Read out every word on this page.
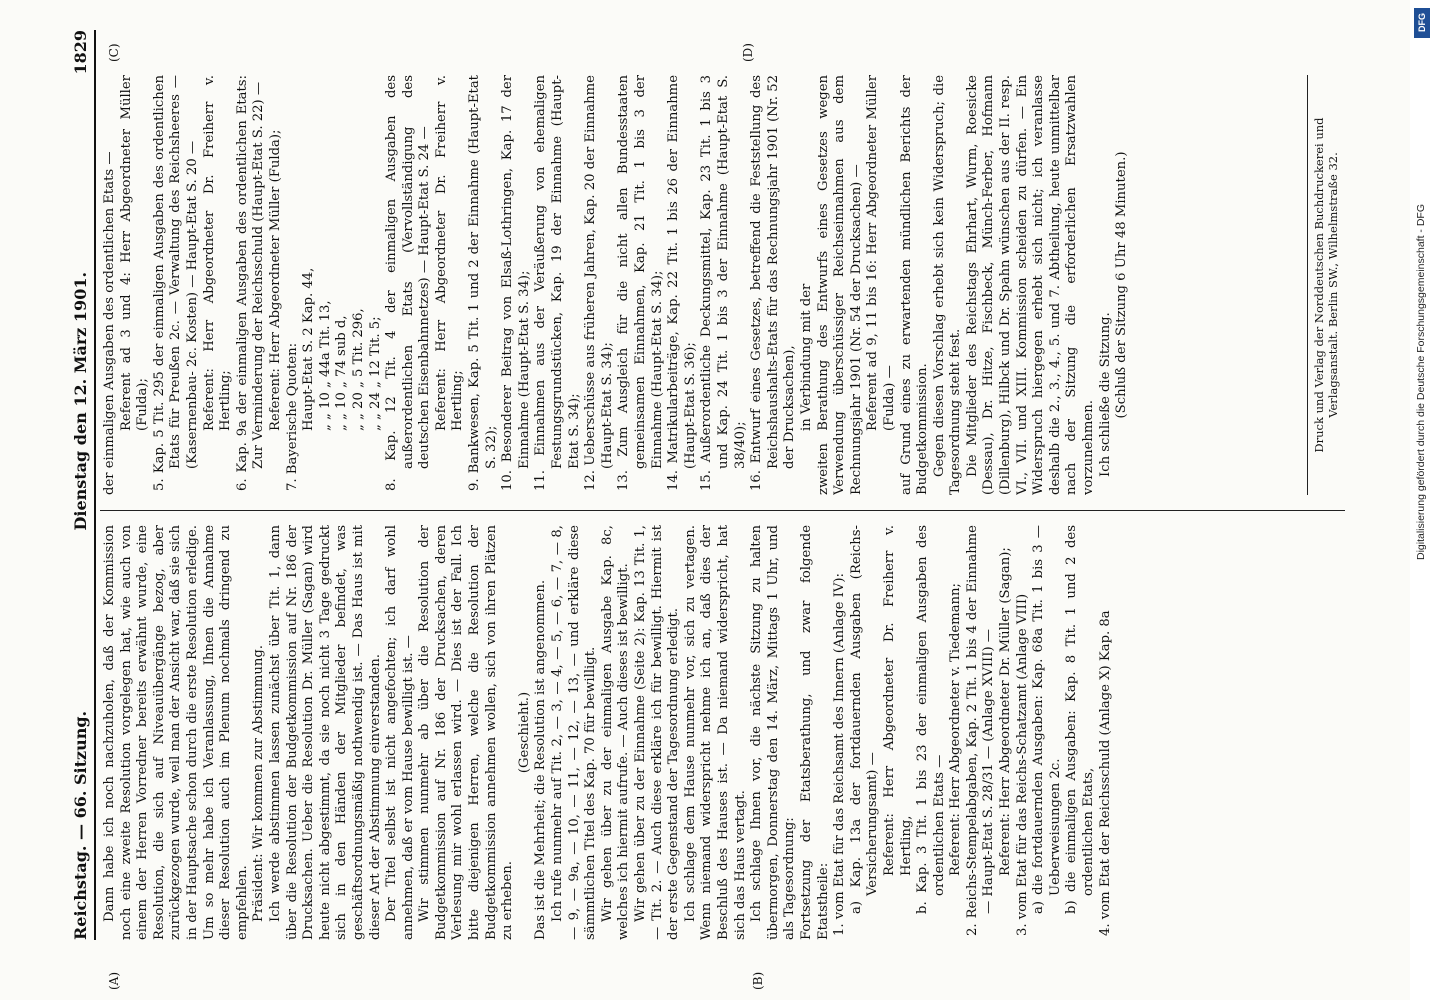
Reichstag. — 66. Sitzung.
Dienstag den 12. März 1901.
1829
(A)	(B)
(C)	(D)

Dann habe ich noch nachzuholen, daß der Kommission noch eine zweite Resolution vorgelegen hat, wie auch von einem der Herren Vorredner bereits erwähnt wurde, eine Resolution, die sich auf Niveauübergänge bezog, aber zurückgezogen wurde, weil man der Ansicht war, daß sie sich in der Hauptsache schon durch die erste Resolution erledige. Um so mehr habe ich Veranlassung, Ihnen die Annahme dieser Resolution auch im Plenum nochmals dringend zu empfehlen. Präsident: Wir kommen zur Abstimmung. Ich werde abstimmen lassen zunächst über Tit. 1, dann über die Resolution der Budgetkommission auf Nr. 186 der Drucksachen. Ueber die Resolution Dr. Müller (Sagan) wird heute nicht abgestimmt, da sie noch nicht 3 Tage gedruckt sich in den Händen der Mitglieder befindet, was geschäftsordnungsmäßig nothwendig ist. — Das Haus ist mit dieser Art der Abstimmung einverstanden. Der Titel selbst ist nicht angefochten; ich darf wohl annehmen, daß er vom Hause bewilligt ist. — Wir stimmen nunmehr ab über die Resolution der Budgetkommission auf Nr. 186 der Drucksachen, deren Verlesung mir wohl erlassen wird. — Dies ist der Fall. Ich bitte diejenigen Herren, welche die Resolution der Budgetkommission annehmen wollen, sich von ihren Plätzen zu erheben.

(Geschieht.) Das ist die Mehrheit; die Resolution ist angenommen. Ich rufe nunmehr auf Tit. 2, — 3, — 4, — 5, — 6, — 7, — 8, — 9, — 9a, — 10, — 11, — 12, — 13, — und erkläre diese sämmtlichen Titel des Kap. 70 für bewilligt. Wir gehen über zu der einmaligen Ausgabe Kap. 8c, welches ich hiermit aufrufe. — Auch dieses ist bewilligt. Wir gehen über zu der Einnahme (Seite 2): Kap. 13 Tit. 1, — Tit. 2. — Auch diese erkläre ich für bewilligt. Hiermit ist der erste Gegenstand der Tagesordnung erledigt. Ich schlage dem Hause nunmehr vor, sich zu vertagen. Wenn niemand widerspricht nehme ich an, daß dies der Beschluß des Hauses ist. — Da niemand widerspricht, hat sich das Haus vertagt. Ich schlage Ihnen vor, die nächste Sitzung zu halten übermorgen, Donnerstag den 14. März, Mittags 1 Uhr, und als Tagesordnung: Fortsetzung der Etatsberathung, und zwar folgende Etatstheile: 1. vom Etat für das Reichsamt des Innern (Anlage IV): a) Kap. 13a der fortdauernden Ausgaben (Reichs-Versicherungsamt) — Referent: Herr Abgeordneter Dr. Freiherr v. Hertling, b. Kap. 3 Tit. 1 bis 23 der einmaligen Ausgaben des ordentlichen Etats — Referent: Herr Abgeordneter v. Tiedemann; 2. Reichs-Stempelabgaben, Kap. 2 Tit. 1 bis 4 der Einnahme — Haupt-Etat S. 28/31 — (Anlage XVIII) — Referent: Herr Abgeordneter Dr. Müller (Sagan); 3. vom Etat für das Reichs-Schatzamt (Anlage VIII) a) die fortdauernden Ausgaben: Kap. 68a Tit. 1 bis 3 — Ueberweisungen 2c. b) die einmaligen Ausgaben: Kap. 8 Tit. 1 und 2 des ordentlichen Etats, 4. vom Etat der Reichsschuld (Anlage X) Kap. 8a

der einmaligen Ausgaben des ordentlichen Etats — Referent ad 3 und 4: Herr Abgeordneter Müller (Fulda); 5. Kap. 5 Tit. 295 der einmaligen Ausgaben des ordentlichen Etats für Preußen 2c. — Verwaltung des Reichsheeres — (Kasernenbau- 2c. Kosten) — Haupt-Etat S. 20 — Referent: Herr Abgeordneter Dr. Freiherr v. Hertling; 6. Kap. 9a der einmaligen Ausgaben des ordentlichen Etats: Zur Verminderung der Reichsschuld (Haupt-Etat S. 22) — Referent: Herr Abgeordneter Müller (Fulda); 7. Bayerische Quoten: Haupt-Etat S. 2 Kap. 44, „ „ 10 „ 44a Tit. 13, „ „ 10 „ 74 sub d, „ „ 20 „ 5 Tit. 296, „ „ 24 „ 12 Tit. 5; 8. Kap. 12 Tit. 4 der einmaligen Ausgaben des außerordentlichen Etats (Vervollständigung des deutschen Eisenbahnnetzes) — Haupt-Etat S. 24 — Referent: Herr Abgeordneter Dr. Freiherr v. Hertling; 9. Bankwesen, Kap. 5 Tit. 1 und 2 der Einnahme (Haupt-Etat S. 32); 10. Besonderer Beitrag von Elsaß-Lothringen, Kap. 17 der Einnahme (Haupt-Etat S. 34); 11. Einnahmen aus der Veräußerung von ehemaligen Festungsgrundstücken, Kap. 19 der Einnahme (Haupt-Etat S. 34); 12. Ueberschüsse aus früheren Jahren, Kap. 20 der Einnahme (Haupt-Etat S. 34); 13. Zum Ausgleich für die nicht allen Bundesstaaten gemeinsamen Einnahmen, Kap. 21 Tit. 1 bis 3 der Einnahme (Haupt-Etat S. 34); 14. Matrikularbeiträge, Kap. 22 Tit. 1 bis 26 der Einnahme (Haupt-Etat S. 36); 15. Außerordentliche Deckungsmittel, Kap. 23 Tit. 1 bis 3 und Kap. 24 Tit. 1 bis 3 der Einnahme (Haupt-Etat S. 38/40); 16. Entwurf eines Gesetzes, betreffend die Feststellung des Reichshaushalts-Etats für das Rechnungsjahr 1901 (Nr. 52 der Drucksachen), in Verbindung mit der zweiten Berathung des Entwurfs eines Gesetzes wegen Verwendung überschüssiger Reichseinnahmen aus dem Rechnungsjahr 1901 (Nr. 54 der Drucksachen) — Referent ad 9, 11 bis 16: Herr Abgeordneter Müller (Fulda) — auf Grund eines zu erwartenden mündlichen Berichts der Budgetkommission. Gegen diesen Vorschlag erhebt sich kein Widerspruch; die Tagesordnung steht fest. Die Mitglieder des Reichstags Ehrhart, Wurm, Roesicke (Dessau), Dr. Hitze, Fischbeck, Münch-Ferber, Hofmann (Dillenburg), Hilbck und Dr. Spahn wünschen aus der II. resp. VI., VII. und XIII. Kommission scheiden zu dürfen. — Ein Widerspruch hiergegen erhebt sich nicht; ich veranlasse deshalb die 2., 3., 4., 5. und 7. Abtheilung, heute unmittelbar nach der Sitzung die erforderlichen Ersatzwahlen vorzunehmen. Ich schließe die Sitzung. (Schluß der Sitzung 6 Uhr 48 Minuten.)	Druck und Verlag der Norddeutschen Buchdruckerei und Verlagsanstalt. Berlin SW., Wilhelmstraße 32.
DFG
Digitalisierung gefördert durch die Deutsche Forschungsgemeinschaft - DFG
